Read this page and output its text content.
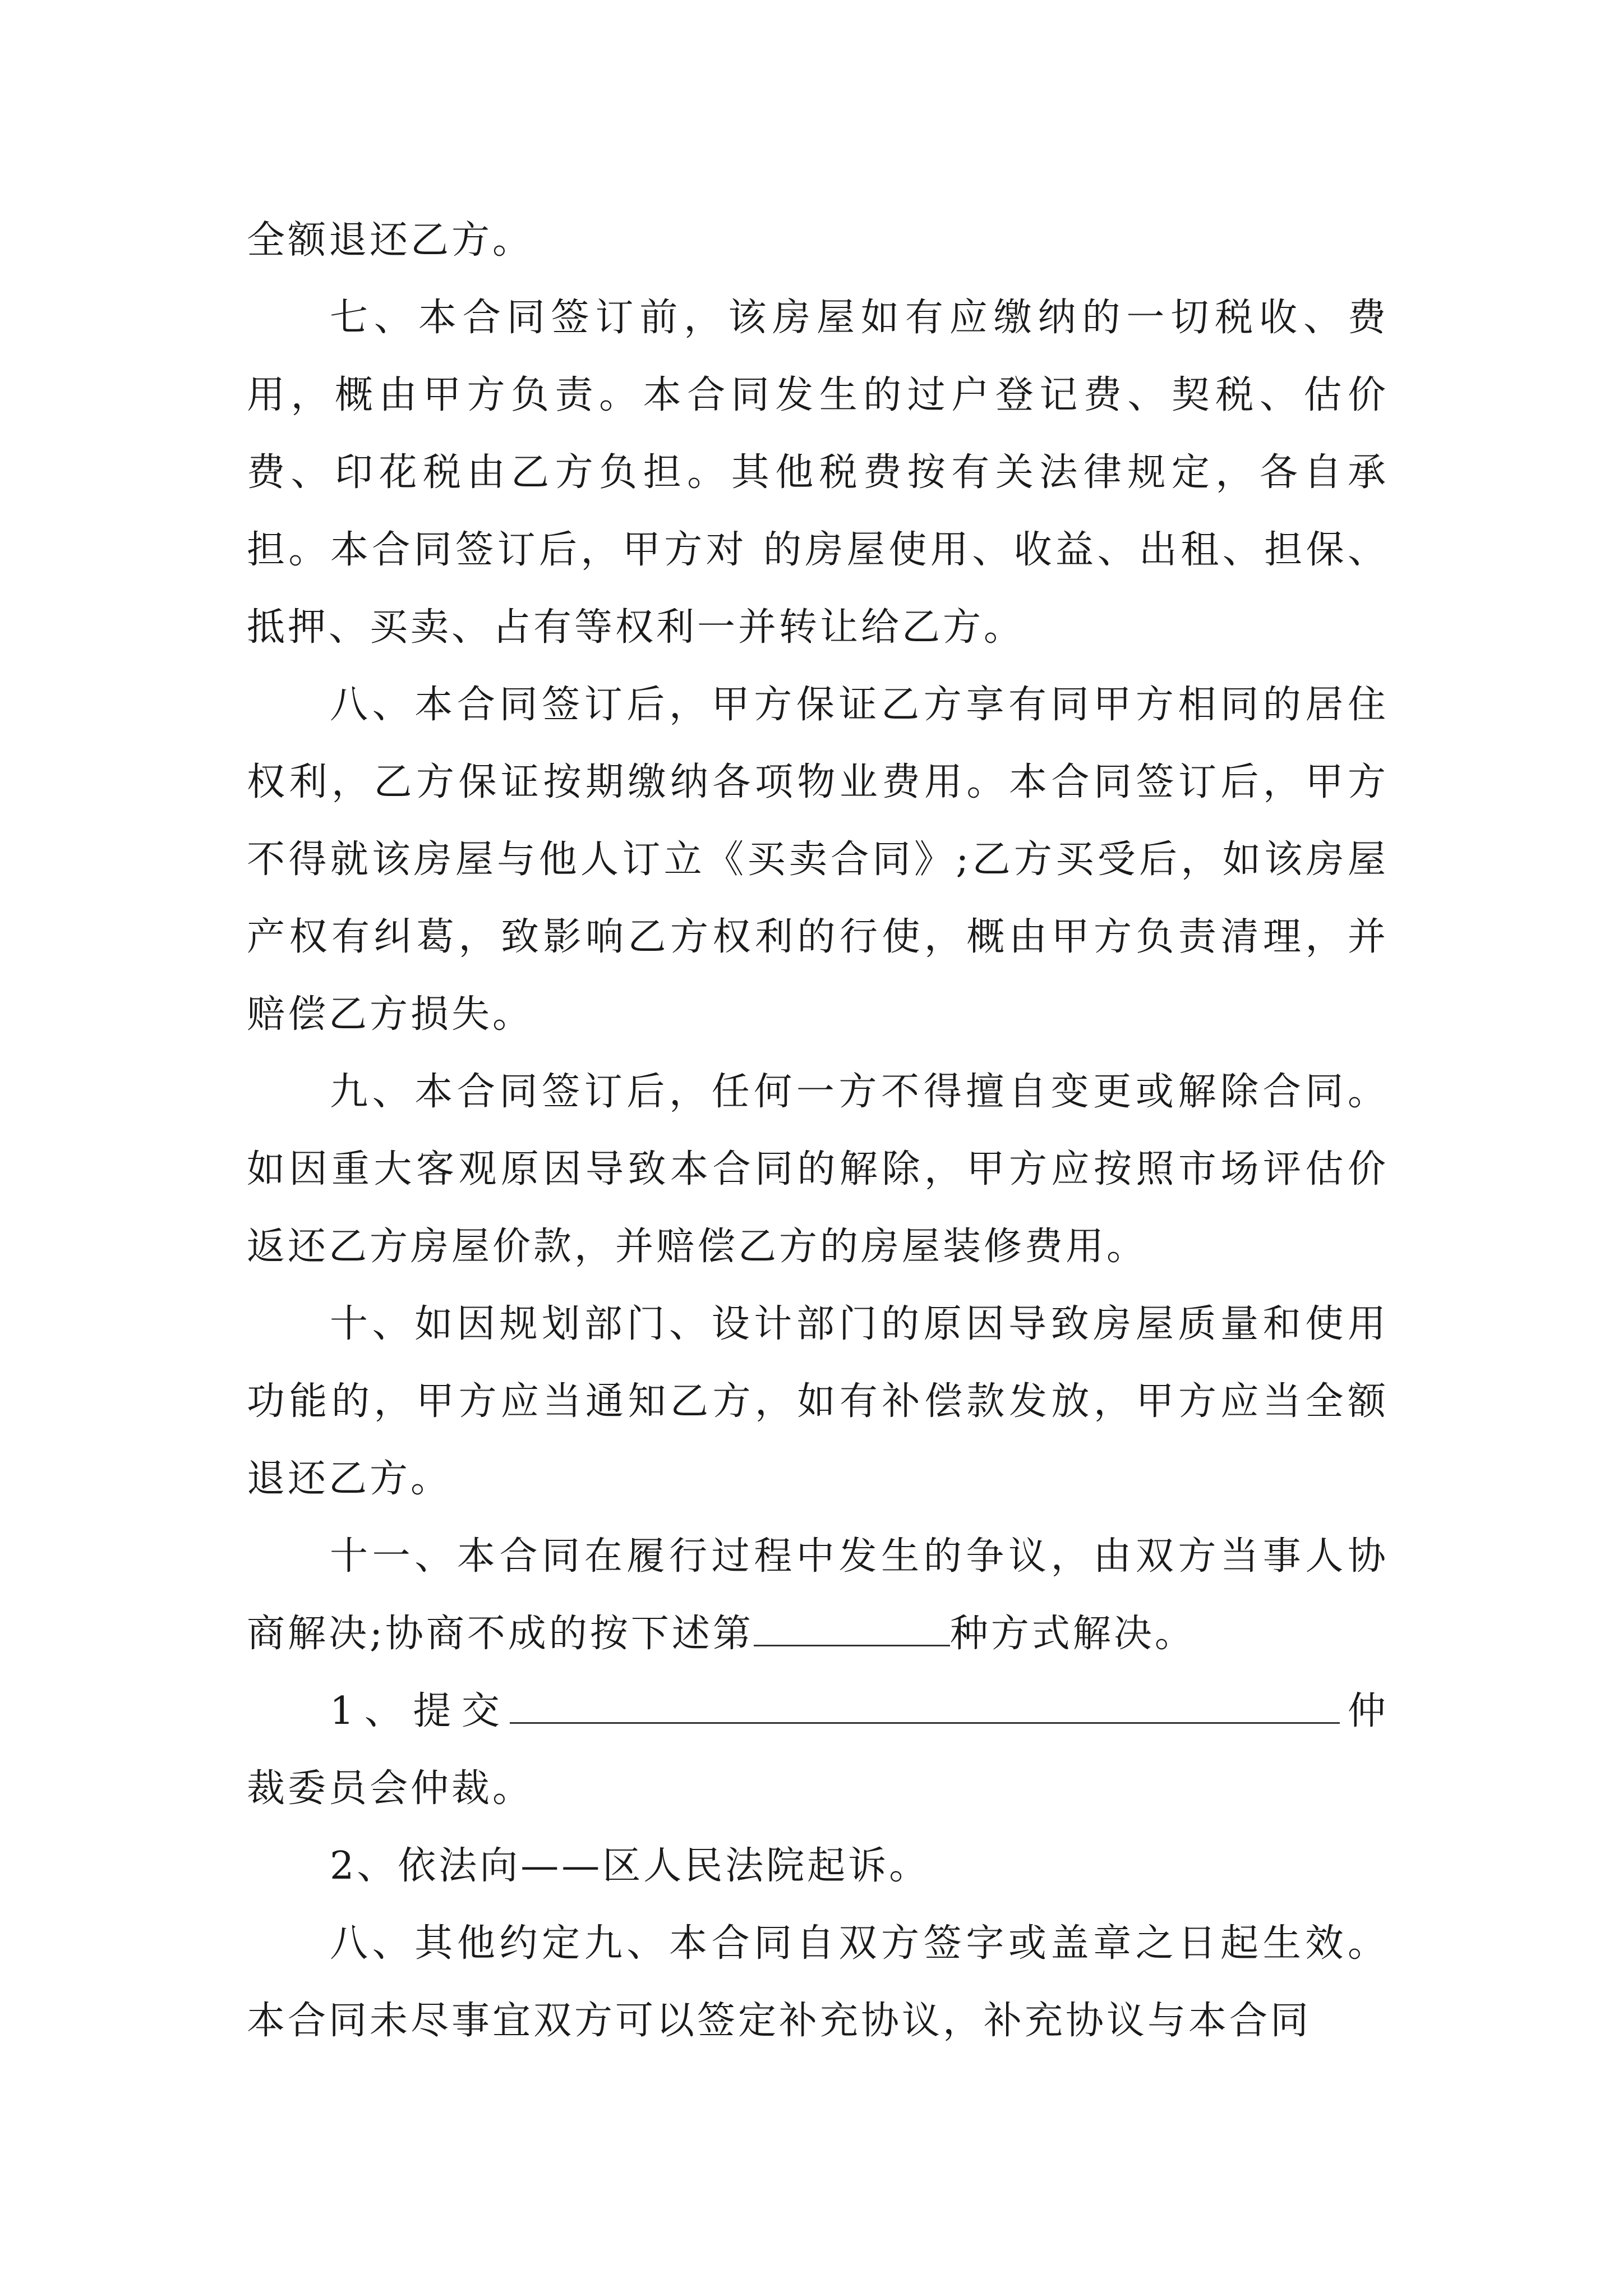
全额退还乙方。

七、本合同签订前，该房屋如有应缴纳的一切税收、费用，概由甲方负责。本合同发生的过户登记费、契税、估价费、印花税由乙方负担。其他税费按有关法律规定，各自承担。本合同签订后，甲方对 的房屋使用、收益、出租、担保、抵押、买卖、占有等权利一并转让给乙方。

八、本合同签订后，甲方保证乙方享有同甲方相同的居住权利，乙方保证按期缴纳各项物业费用。本合同签订后，甲方不得就该房屋与他人订立《买卖合同》;乙方买受后，如该房屋产权有纠葛，致影响乙方权利的行使，概由甲方负责清理，并赔偿乙方损失。

九、本合同签订后，任何一方不得擅自变更或解除合同。如因重大客观原因导致本合同的解除，甲方应按照市场评估价返还乙方房屋价款，并赔偿乙方的房屋装修费用。

十、如因规划部门、设计部门的原因导致房屋质量和使用功能的，甲方应当通知乙方，如有补偿款发放，甲方应当全额退还乙方。

十一、本合同在履行过程中发生的争议，由双方当事人协商解决;协商不成的按下述第	种方式解决。

1、提交	仲裁委员会仲裁。

2、依法向——区人民法院起诉。

八、其他约定九、本合同自双方签字或盖章之日起生效。本合同未尽事宜双方可以签定补充协议，补充协议与本合同
